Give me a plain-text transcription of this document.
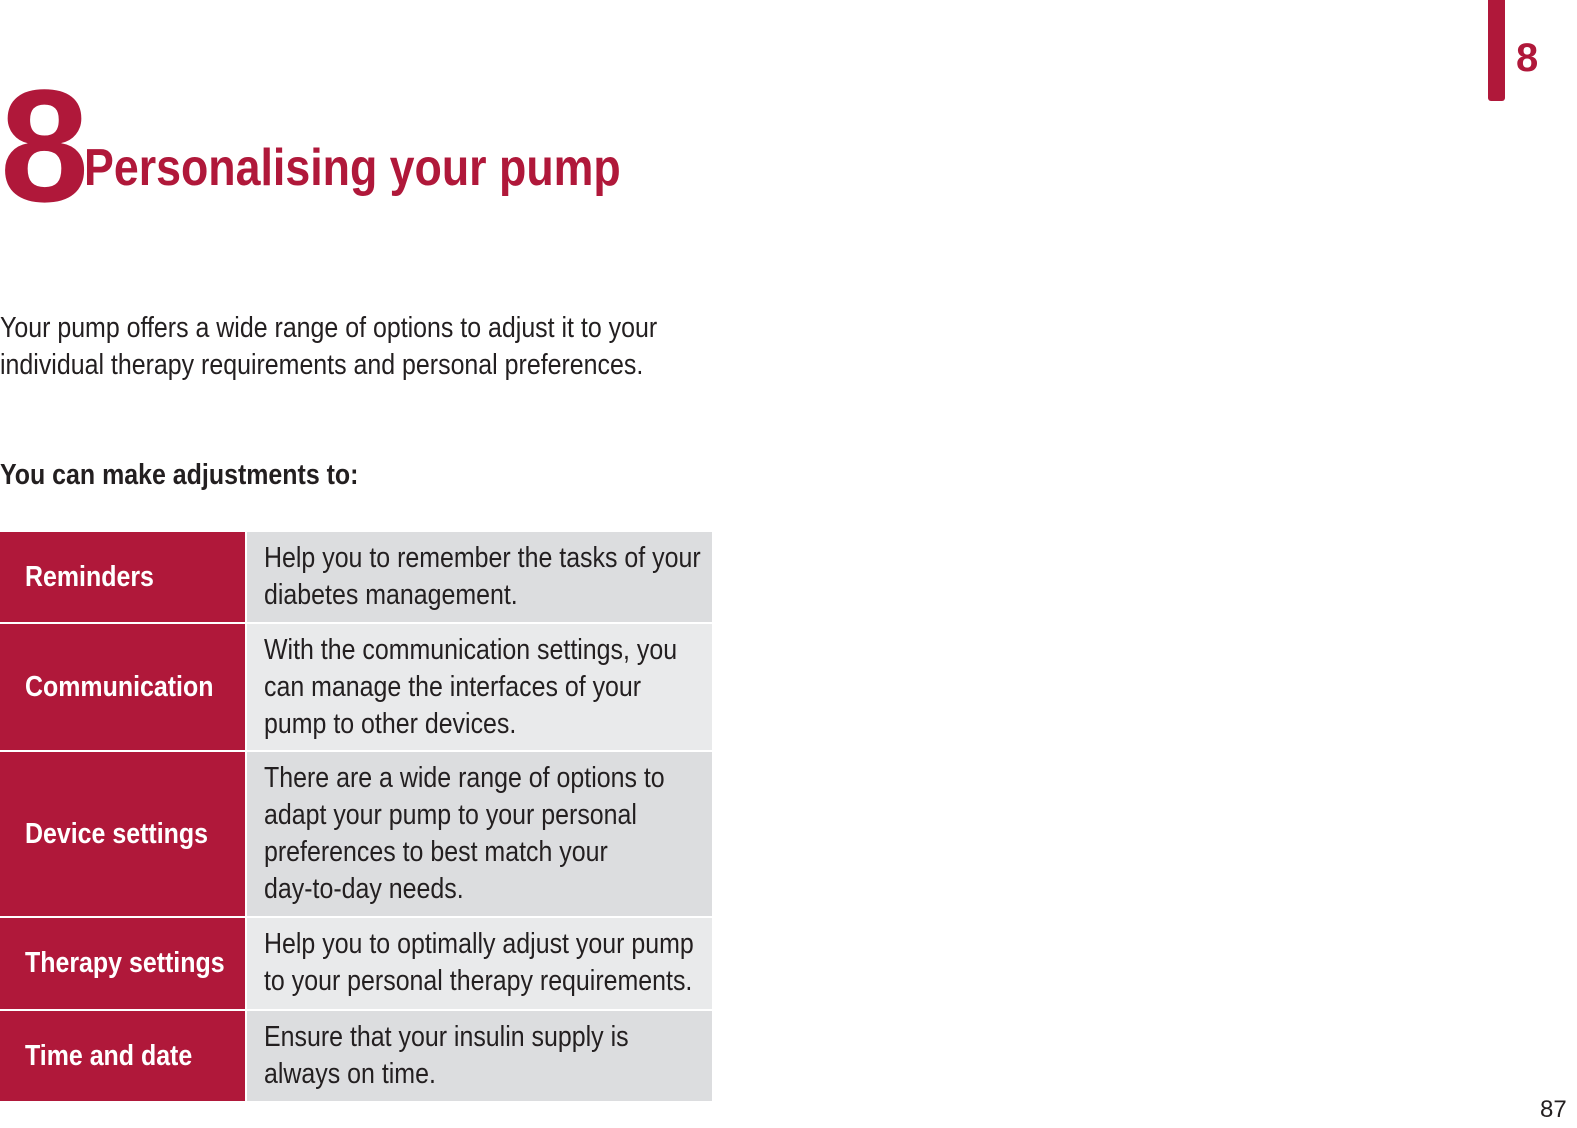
8
8 Personalising your pump
Your pump offers a wide range of options to adjust it to your
individual therapy requirements and personal preferences.
You can make adjustments to:
Reminders
Help you to remember the tasks of your
diabetes management.
Communication
With the communication settings, you
can manage the interfaces of your
pump to other devices.
Device settings
There are a wide range of options to
adapt your pump to your personal
preferences to best match your
day-to-day needs.
Therapy settings
Help you to optimally adjust your pump
to your personal therapy requirements.
Time and date
Ensure that your insulin supply is
always on time.
87
